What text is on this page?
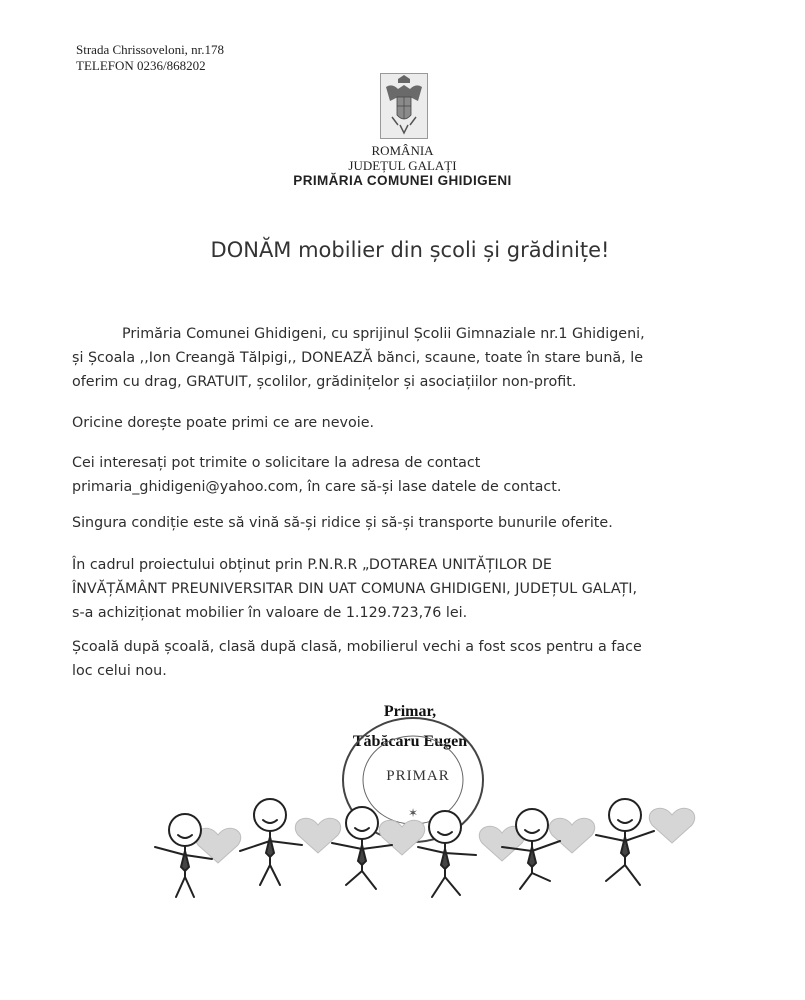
Strada Chrissoveloni, nr.178
TELEFON 0236/868202
ROMÂNIA
JUDEȚUL GALAȚI
PRIMĂRIA COMUNEI GHIDIGENI
DONĂM mobilier din școli și grădinițe!
Primăria Comunei Ghidigeni, cu sprijinul Școlii Gimnaziale nr.1 Ghidigeni,
și Școala ,,Ion Creangă Tălpigi,, DONEAZĂ bănci, scaune, toate în stare bună, le
oferim cu drag, GRATUIT, școlilor, grădinițelor și asociațiilor non-profit.
Oricine dorește poate primi ce are nevoie.
Cei interesați pot trimite o solicitare la adresa de contact
primaria_ghidigeni@yahoo.com, în care să-și lase datele de contact.
Singura condiție este să vină să-și ridice și să-și transporte bunurile oferite.
În cadrul proiectului obținut prin P.N.R.R „DOTAREA UNITĂȚILOR DE
ÎNVĂȚĂMÂNT PREUNIVERSITAR DIN UAT COMUNA GHIDIGENI, JUDEȚUL GALAȚI,
s-a achiziționat mobilier în valoare de 1.129.723,76 lei.
Școală după școală, clasă după clasă, mobilierul vechi a fost scos pentru a face
loc celui nou.
Primar,
Tăbăcaru Eugen
✶
PRIMAR
